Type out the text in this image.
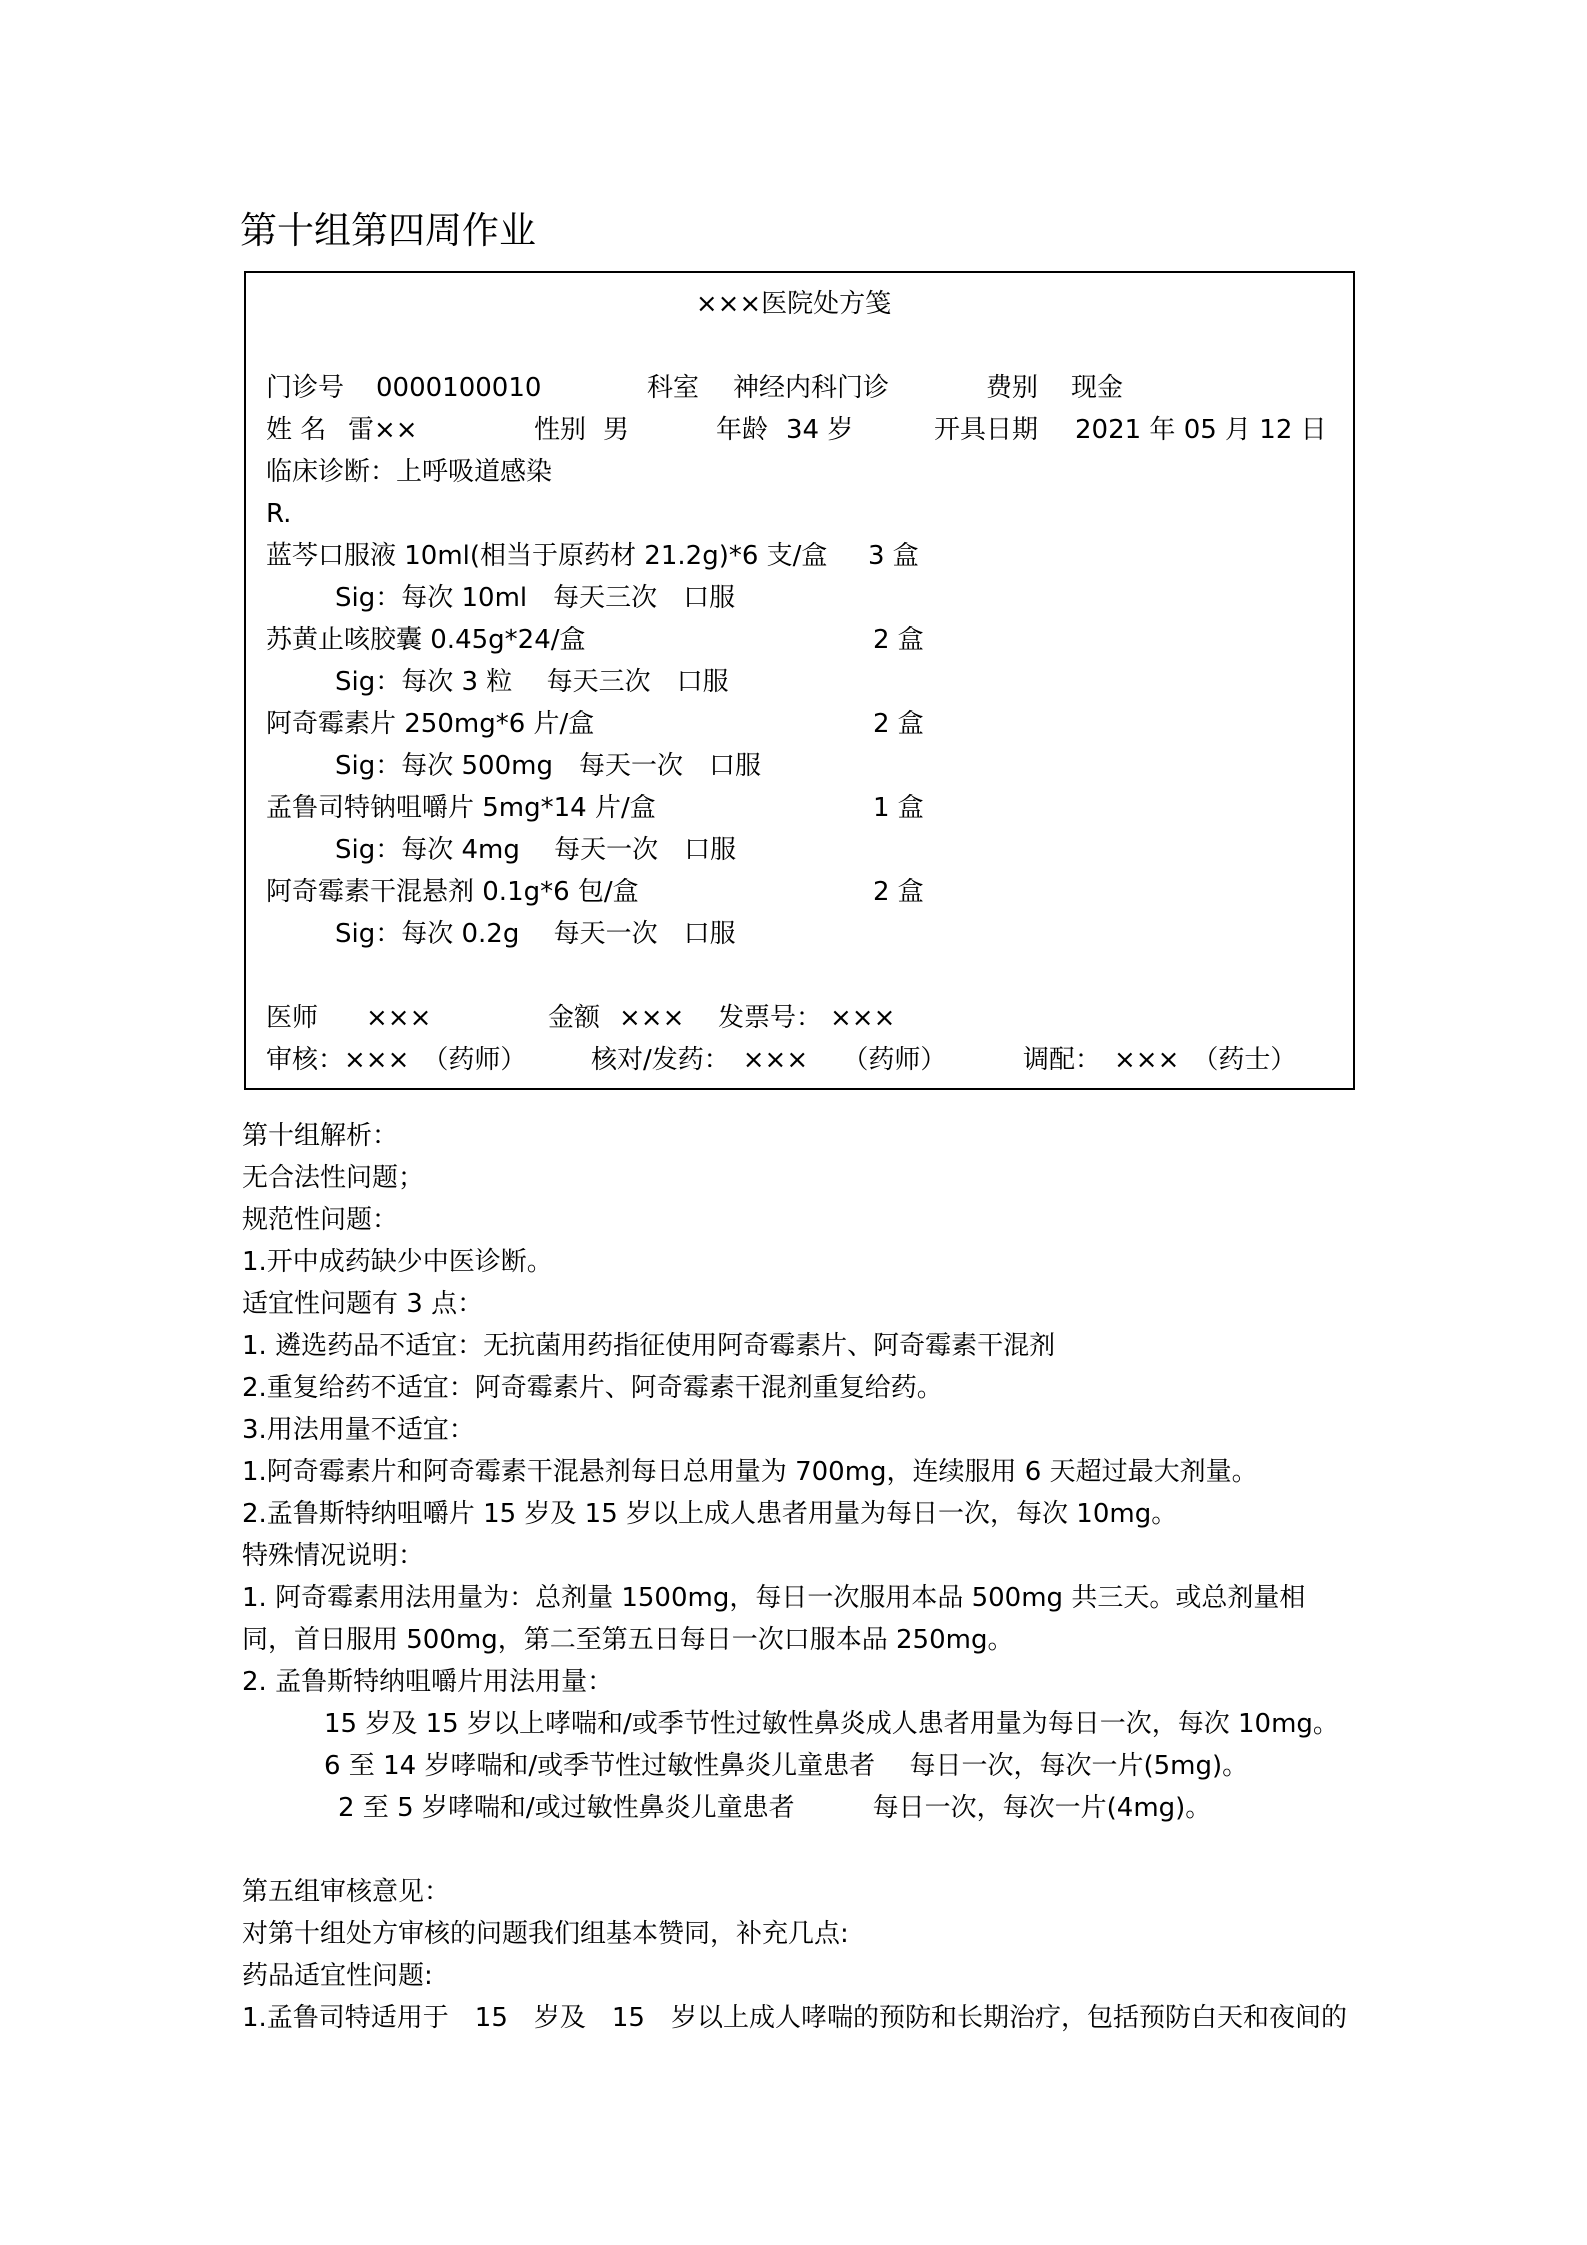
第十组第四周作业
×××医院处方笺
门诊号 0000100010	科室 神经内科门诊	费别 现金
姓 名 雷××	性别 男	年龄 34 岁	开具日期 2021 年 05 月 12 日
临床诊断：上呼吸道感染
R.
蓝芩口服液 10ml(相当于原药材 21.2g)*6 支/盒 3 盒
Sig：每次 10ml　每天三次　口服
苏黄止咳胶囊 0.45g*24/盒	2 盒
Sig：每次 3 粒　 每天三次　口服
阿奇霉素片 250mg*6 片/盒	2 盒
Sig：每次 500mg　每天一次　口服
孟鲁司特钠咀嚼片 5mg*14 片/盒	1 盒
Sig：每次 4mg　 每天一次　口服
阿奇霉素干混悬剂 0.1g*6 包/盒	2 盒
Sig：每次 0.2g　 每天一次　口服
医师 ×××	金额 ××× 发票号： ×××
审核：×××　（药师） 核对/发药：　×××　 （药师）	调配：　×××　（药士）
第十组解析：
无合法性问题；
规范性问题：
1.开中成药缺少中医诊断。
适宜性问题有 3 点：
1. 遴选药品不适宜：无抗菌用药指征使用阿奇霉素片、阿奇霉素干混剂
2.重复给药不适宜：阿奇霉素片、阿奇霉素干混剂重复给药。
3.用法用量不适宜：
1.阿奇霉素片和阿奇霉素干混悬剂每日总用量为 700mg，连续服用 6 天超过最大剂量。
2.孟鲁斯特纳咀嚼片 15 岁及 15 岁以上成人患者用量为每日一次，每次 10mg。
特殊情况说明：
1. 阿奇霉素用法用量为：总剂量 1500mg，每日一次服用本品 500mg 共三天。或总剂量相同，首日服用 500mg，第二至第五日每日一次口服本品 250mg。
2. 孟鲁斯特纳咀嚼片用法用量：
15 岁及 15 岁以上哮喘和/或季节性过敏性鼻炎成人患者用量为每日一次，每次 10mg。
6 至 14 岁哮喘和/或季节性过敏性鼻炎儿童患者　 每日一次，每次一片(5mg)。
2 至 5 岁哮喘和/或过敏性鼻炎儿童患者　　　每日一次，每次一片(4mg)。
第五组审核意见：
对第十组处方审核的问题我们组基本赞同，补充几点:
药品适宜性问题:
1.孟鲁司特适用于　15　岁及　15　岁以上成人哮喘的预防和长期治疗，包括预防白天和夜间的
